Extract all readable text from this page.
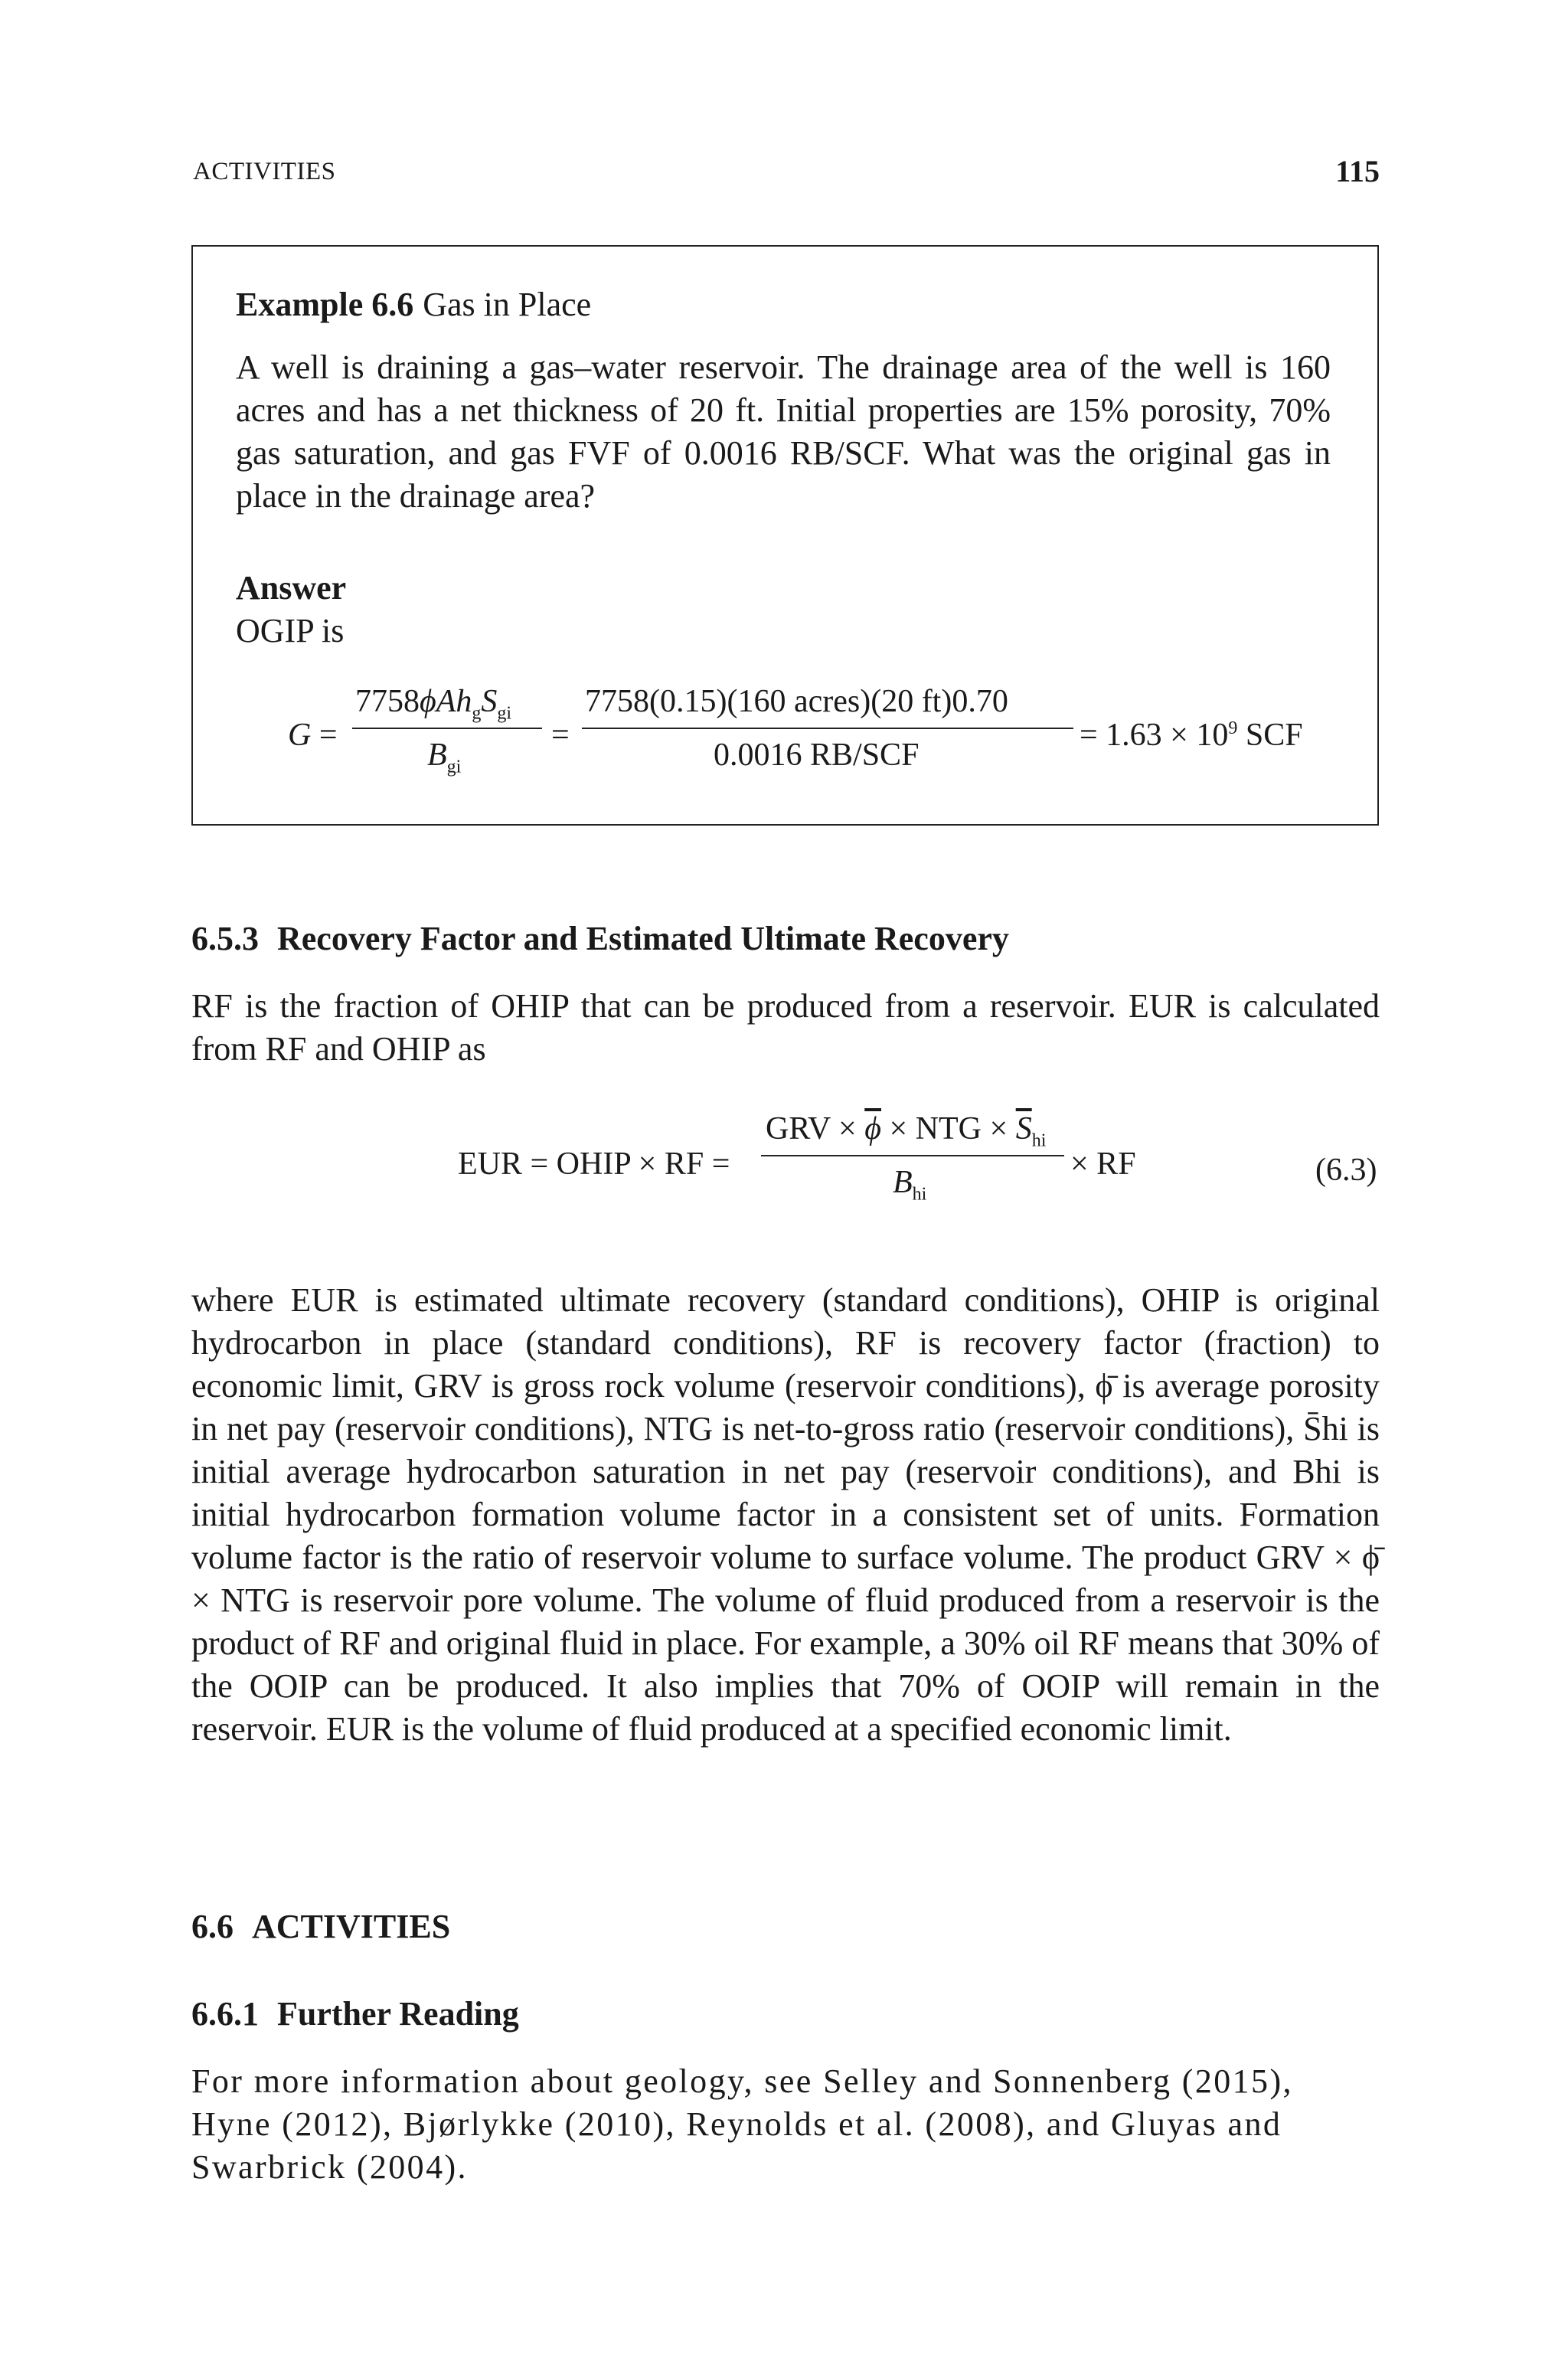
ACTIVITIES	115
Example 6.6 Gas in Place
A well is draining a gas–water reservoir. The drainage area of the well is 160 acres and has a net thickness of 20 ft. Initial properties are 15% porosity, 70% gas saturation, and gas FVF of 0.0016 RB/SCF. What was the original gas in place in the drainage area?
Answer
OGIP is
G =
$7758\phi Ah_gS_{gi}$
$B_{gi}$
=
7758(0.15)(160 acres)(20 ft)0.70
0.0016 RB/SCF
= $1.63 \times 10^9$ SCF
6.5.3 Recovery Factor and Estimated Ultimate Recovery
RF is the fraction of OHIP that can be produced from a reservoir. EUR is calculated from RF and OHIP as
EUR = OHIP × RF =
GRV × $\overline{\phi}$ × NTG × $\overline{S}_{hi}$
$B_{hi}$
× RF	(6.3)
where EUR is estimated ultimate recovery (standard conditions), OHIP is original hydrocarbon in place (standard conditions), RF is recovery factor (fraction) to economic limit, GRV is gross rock volume (reservoir conditions), ϕ̄ is average porosity in net pay (reservoir conditions), NTG is net-to-gross ratio (reservoir conditions), S̄hi is initial average hydrocarbon saturation in net pay (reservoir conditions), and Bhi is initial hydrocarbon formation volume factor in a consistent set of units. Formation volume factor is the ratio of reservoir volume to surface volume. The product GRV × ϕ̄ × NTG is reservoir pore volume. The volume of fluid produced from a reservoir is the product of RF and original fluid in place. For example, a 30% oil RF means that 30% of the OOIP can be produced. It also implies that 70% of OOIP will remain in the reservoir. EUR is the volume of fluid produced at a specified economic limit.
6.6 ACTIVITIES
6.6.1 Further Reading
For more information about geology, see Selley and Sonnenberg (2015), Hyne (2012), Bjørlykke (2010), Reynolds et al. (2008), and Gluyas and Swarbrick (2004).
